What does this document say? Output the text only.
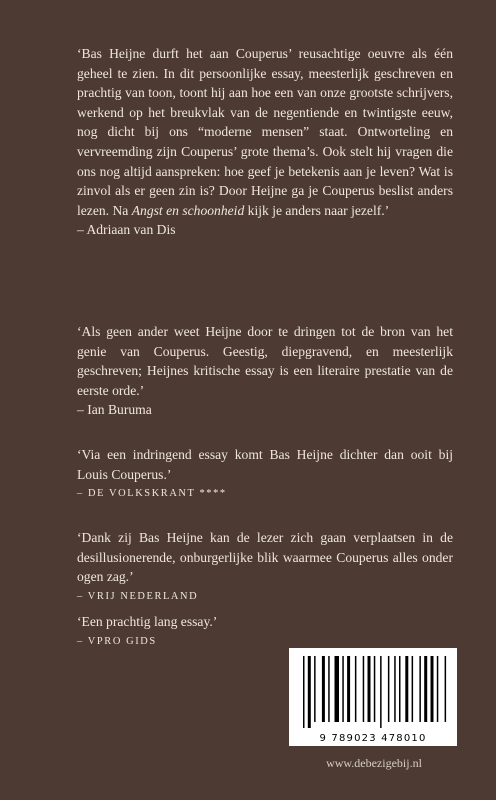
‘Bas Heijne durft het aan Couperus’ reusachtige oeuvre als één geheel te zien. In dit persoonlijke essay, meesterlijk geschreven en prachtig van toon, toont hij aan hoe een van onze grootste schrijvers, werkend op het breukvlak van de negentiende en twintigste eeuw, nog dicht bij ons “moderne mensen” staat. Ontworteling en vervreemding zijn Couperus’ grote thema’s. Ook stelt hij vragen die ons nog altijd aanspreken: hoe geef je betekenis aan je leven? Wat is zinvol als er geen zin is? Door Heijne ga je Couperus beslist anders lezen. Na Angst en schoonheid kijk je anders naar jezelf.’

– Adriaan van Dis

‘Als geen ander weet Heijne door te dringen tot de bron van het genie van Couperus. Geestig, diepgravend, en meesterlijk geschreven; Heijnes kritische essay is een literaire prestatie van de eerste orde.’

– Ian Buruma

‘Via een indringend essay komt Bas Heijne dichter dan ooit bij Louis Couperus.’

– DE VOLKSKRANT ****

‘Dank zij Bas Heijne kan de lezer zich gaan verplaatsen in de desillusionerende, onburgerlijke blik waarmee Couperus alles onder ogen zag.’

– VRIJ NEDERLAND

‘Een prachtig lang essay.’

– VPRO GIDS

9 789023 478010
www.debezigebij.nl
